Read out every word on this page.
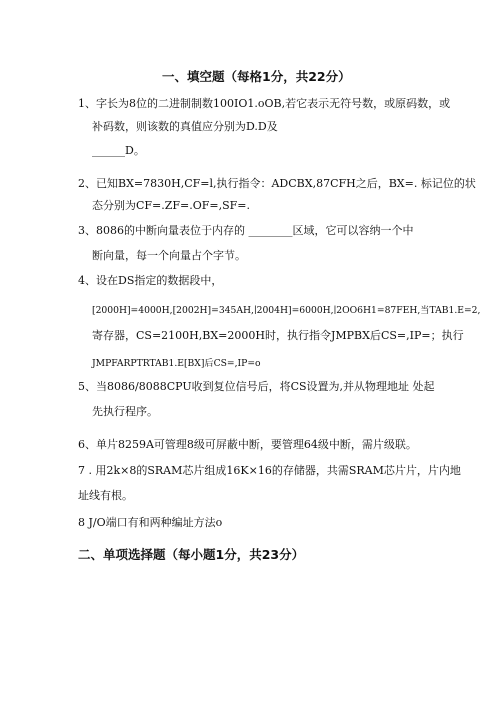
一、填空题（每格1分，共22分）
1、字长为8位的二进制制数100IO1.oOB,若它表示无符号数，或原码数，或
补码数，则该数的真值应分别为D.D及
______D。
2、已知BX=7830H,CF=l,执行指令：ADCBX,87CFH之后，BX=. 标记位的状
态分别为CF=.ZF=.OF=,SF=.
3、8086的中断向量表位于内存的 ________区域，它可以容纳一个中
断向量，每一个向量占个字节。
4、设在DS指定的数据段中，
[2000H]=4000H,[2002H]=345AH,∣2004H]=6000H,∣2OO6H1=87FEH,当TAB1.E=2,
寄存器，CS=2100H,BX=2000H时，执行指令JMPBX后CS=,IP=；执行
JMPFARPTRTAB1.E[BX]后CS=,IP=o
5、当8086/8088CPU收到复位信号后，将CS设置为,并从物理地址 处起
先执行程序。
6、单片8259A可管理8级可屏蔽中断，要管理64级中断，需片级联。
7 . 用2k×8的SRAM芯片组成16K×16的存储器，共需SRAM芯片片，片内地
址线有根。
8 J/O端口有和两种编址方法o
二、单项选择题（每小题1分，共23分）
